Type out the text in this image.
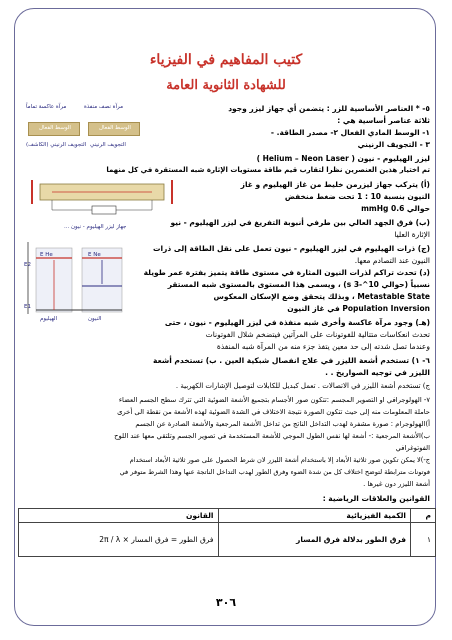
كتيب المفاهيم في الفيزياء
للشهادة الثانوية العامة
مرآة عاكسة تماماً	مرآة نصف منفذة
الوسط الفعال	الوسط الفعال
التجويف الرنيني (الكاشف) التجويف الرنيني
جهاز ليزر الهيليوم - نيون ...
E2
E He	E Ne
E1
الهيليوم	النيون
٥- * العناصر الأساسية للزر : يتضمن أي جهاز ليزر وجود
ثلاثة عناصر أساسية هي :
١- الوسط المادي الفعال ٢- مصدر الطاقة. -
٣ - التجويف الرنيني
ليزر الهيليوم - نيون ( Helium – Neon Laser )
تم اختيار هذين العنصرين نظرا لتقارب قيم طاقة مستويات الإثارة شبه المستقرة في كل منهما
(أ) يتركب جهاز ليزرمن خليط من غاز الهيليوم و غاز
النيون بنسبة 10 : 1 تحت ضغط منخفض
حوالي 0.6 mmHg
(ب) فرق الجهد العالي بين طرفي أنبوبة التفريغ في ليزر الهيليوم - نيو
الإثارة العليا
(ج) ذرات الهيليوم في ليزر الهيليوم - نيون تعمل على نقل الطاقة إلى ذرات
النيون عند التصادم معها.
(د) تحدث تراكم لذرات النيون المثارة في مستوى طاقة يتميز بفترة عمر طويلة
نسبياً (حوالي 10^-3 s) ، ويسمى هذا المستوى بالمستوى شبه المستقر
Metastable State ، وبذلك يتحقق وضع الإسكان المعكوس
Population Inversion في غاز النيون
(هـ) وجود مرآة عاكسة وأخرى شبه منفذة في ليزر الهيليوم - نيون ، حتى
تحدث انعكاسات متتالية للفوتونات على المرآتين فيتضخم شلال الفوتونات
وعندما تصل شدته إلى حد معين يتفذ جزء منه من المرآة شبه المنفذة
٦- ١) تستخدم أشعة الليزر في علاج انفصال شبكية العين . ب) تستخدم أشعة
الليزر في توجيه الصواريخ . .
ج) تستخدم أشعة الليزر في الاتصالات . تعمل كبديل للكابلات لتوصيل الإشارات الكهربية .
٧- الهولوجرافي او التصوير المجسم :تتكون صور الأجسام بتجميع الأشعة الضوئية التي تترك سطح الجسم العضاء
حاملة المعلومات منه إلى حيث تتكون الصورة نتيجة الاختلاف في الشدة الضوئية لهذه الأشعة من نقطة الى أخرى
أ)الهولوجرام : صورة مشفرة لهدب التداخل الناتج من تداخل الأشعة المرجعية والأشعة الصادرة عن الجسم
ب)الأشعة المرجعية :- أشعة لها نفس الطول الموجي للأشعة المستخدمة في تصوير الجسم وتلتقي معها عند اللوح
الفوتوغرافي
ج-)لا يمكن تكوين صور ثلاثية الأبعاد إلا باستخدام أشعة الليزر لان شرط الحصول على صور ثلاثية الأبعاد استخدام
فوتونات مترابطة لتوضح اختلاف كل من شدة الضوء وفرق الطور لهدب التداخل الناتجة عنها وهذا الشرط متوفر في
أشعة الليزر دون غيرها .
القوانين والعلاقات الرياضية :
م	الكمية الفيزيائية	القانون
١	فرق الطور بدلالة فرق المسار	فرق الطور = فرق المسار × 2π / λ
٣٠٦
